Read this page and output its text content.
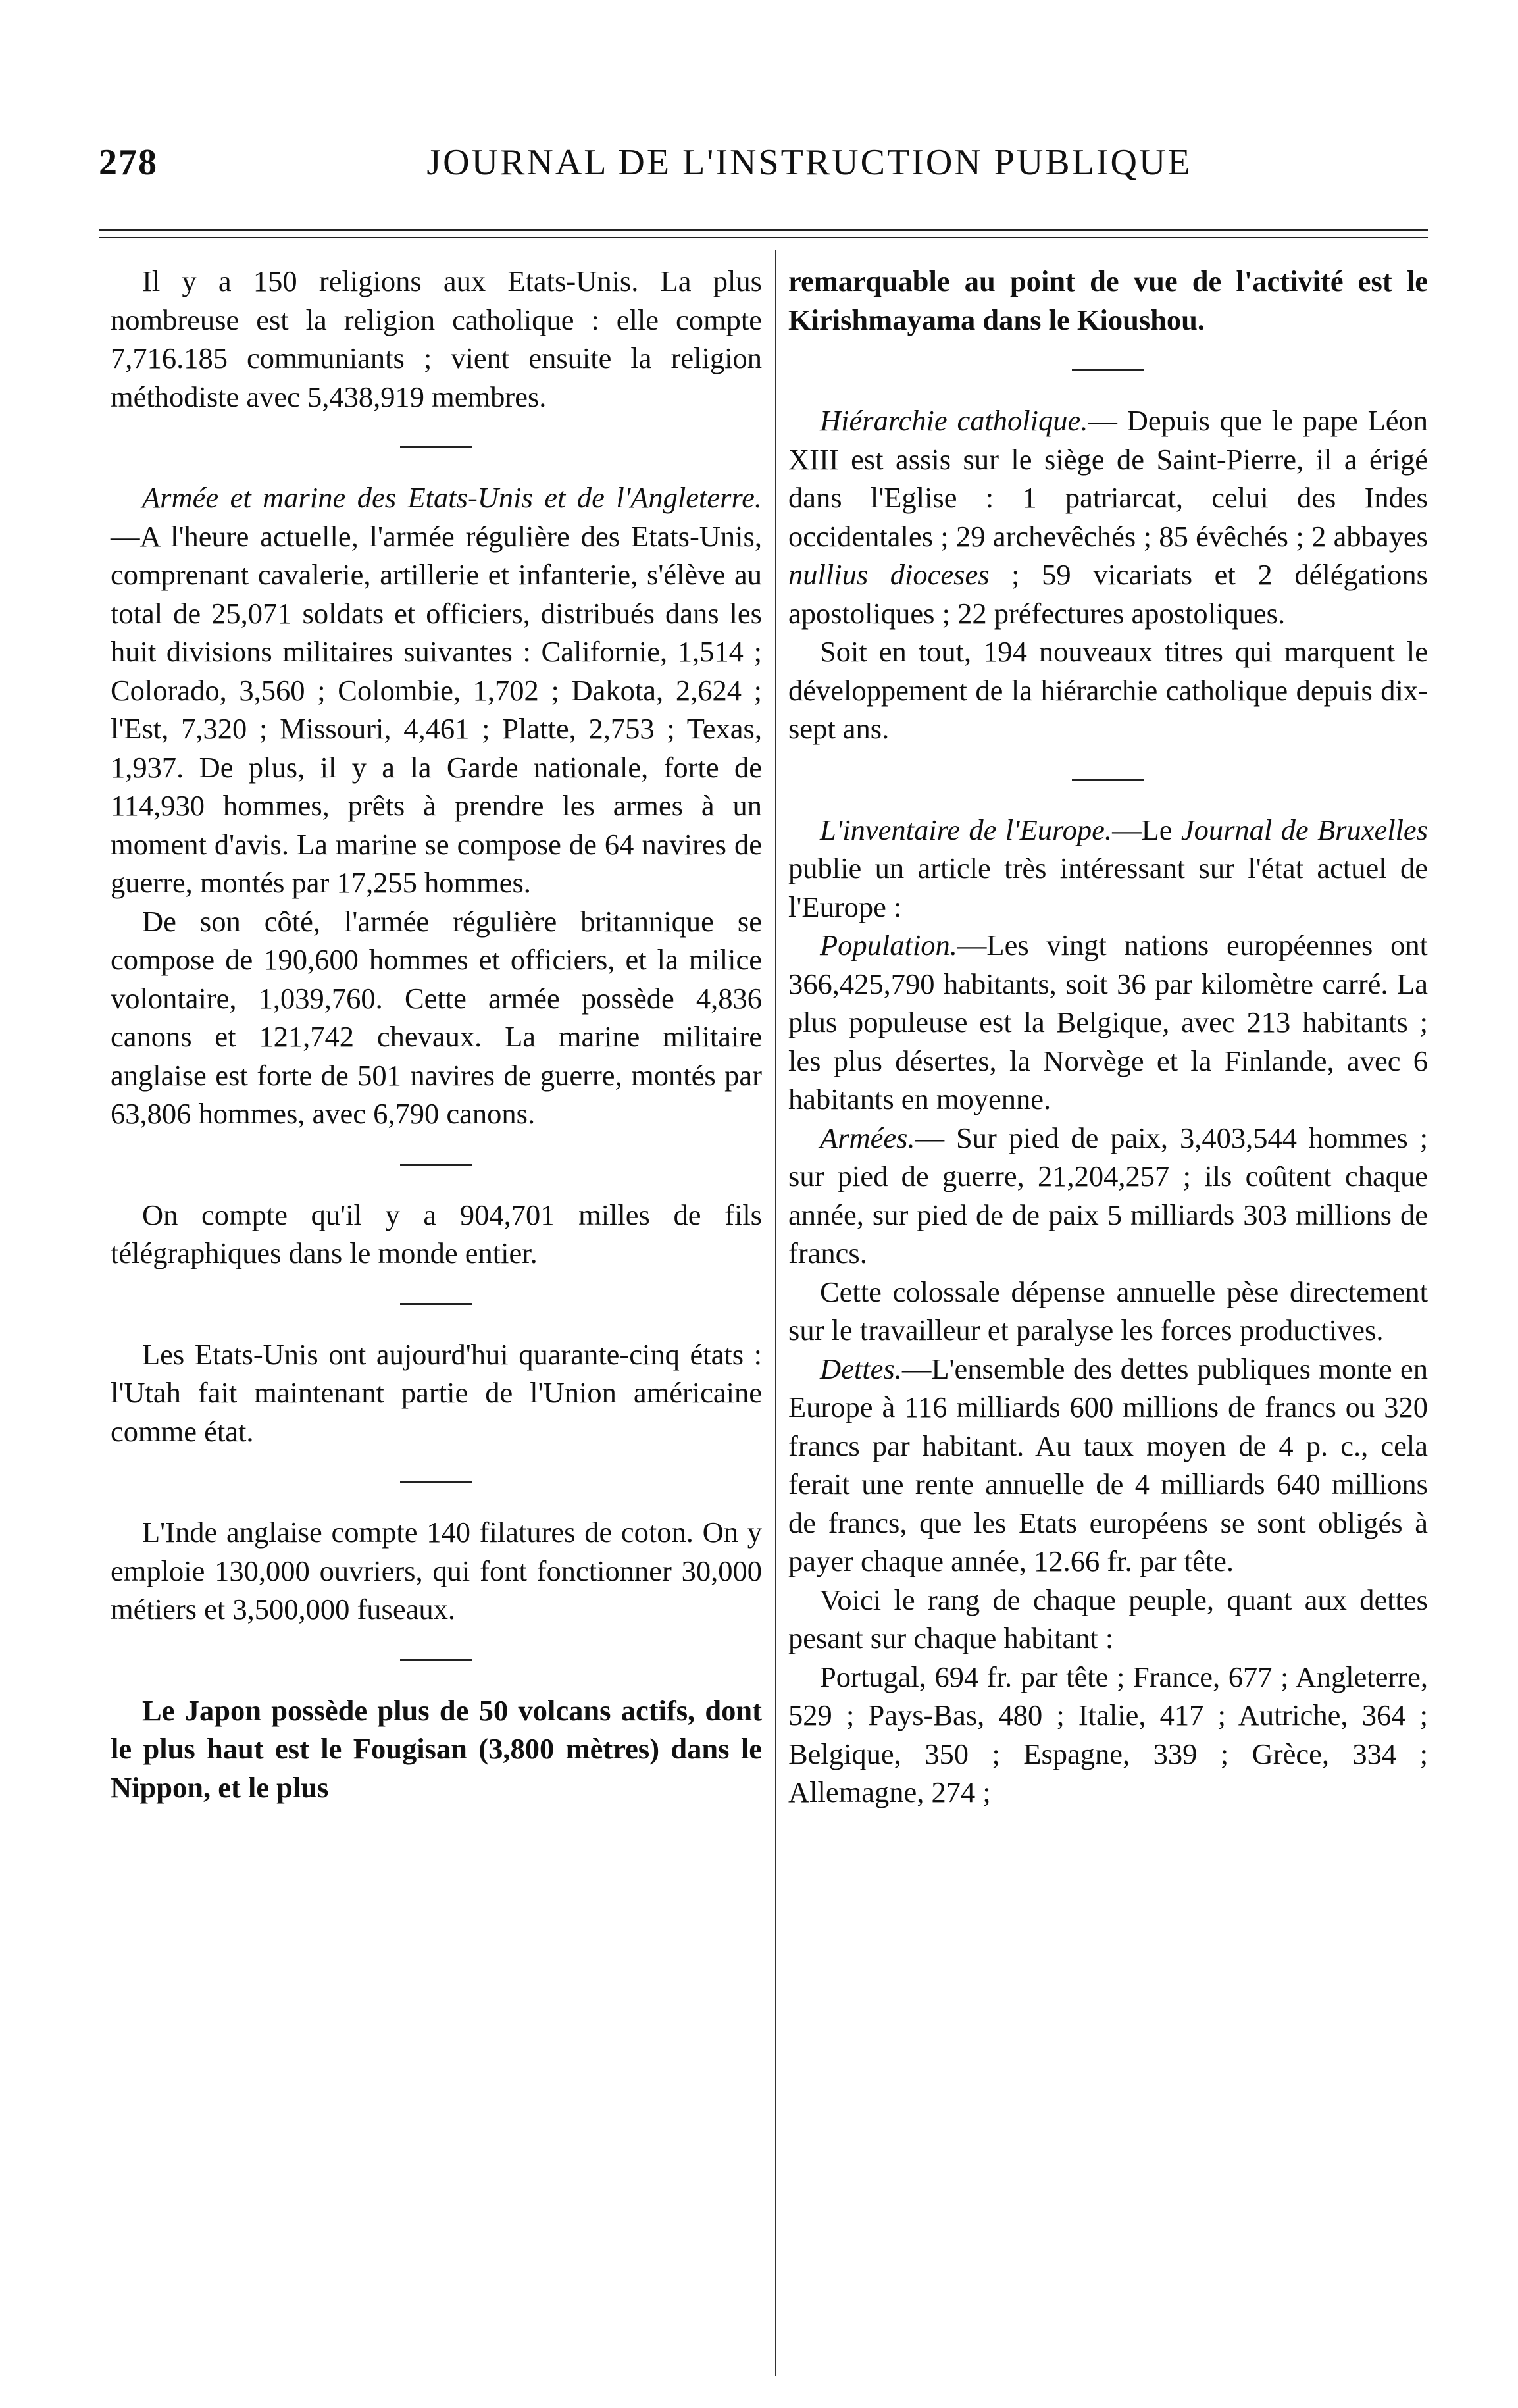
278	JOURNAL DE L'INSTRUCTION PUBLIQUE

Il y a 150 religions aux Etats-Unis. La plus nombreuse est la religion catholique : elle compte 7,716.185 communiants ; vient ensuite la religion méthodiste avec 5,438,919 membres.

Armée et marine des Etats-Unis et de l'Angleterre.—A l'heure actuelle, l'armée régulière des Etats-Unis, comprenant cavalerie, artillerie et infanterie, s'élève au total de 25,071 soldats et officiers, distribués dans les huit divisions militaires suivantes : Californie, 1,514 ; Colorado, 3,560 ; Colombie, 1,702 ; Dakota, 2,624 ; l'Est, 7,320 ; Missouri, 4,461 ; Platte, 2,753 ; Texas, 1,937. De plus, il y a la Garde nationale, forte de 114,930 hommes, prêts à prendre les armes à un moment d'avis. La marine se compose de 64 navires de guerre, montés par 17,255 hommes.

De son côté, l'armée régulière britannique se compose de 190,600 hommes et officiers, et la milice volontaire, 1,039,760. Cette armée possède 4,836 canons et 121,742 chevaux. La marine militaire anglaise est forte de 501 navires de guerre, montés par 63,806 hommes, avec 6,790 canons.

On compte qu'il y a 904,701 milles de fils télégraphiques dans le monde entier.

Les Etats-Unis ont aujourd'hui quarante-cinq états : l'Utah fait maintenant partie de l'Union américaine comme état.

L'Inde anglaise compte 140 filatures de coton. On y emploie 130,000 ouvriers, qui font fonctionner 30,000 métiers et 3,500,000 fuseaux.

Le Japon possède plus de 50 volcans actifs, dont le plus haut est le Fougisan (3,800 mètres) dans le Nippon, et le plus

remarquable au point de vue de l'activité est le Kirishmayama dans le Kioushou.

Hiérarchie catholique.— Depuis que le pape Léon XIII est assis sur le siège de Saint-Pierre, il a érigé dans l'Eglise : 1 patriarcat, celui des Indes occidentales ; 29 archevêchés ; 85 évêchés ; 2 abbayes nullius dioceses ; 59 vicariats et 2 délégations apostoliques ; 22 préfectures apostoliques.

Soit en tout, 194 nouveaux titres qui marquent le développement de la hiérarchie catholique depuis dix-sept ans.

L'inventaire de l'Europe.—Le Journal de Bruxelles publie un article très intéressant sur l'état actuel de l'Europe :

Population.—Les vingt nations européennes ont 366,425,790 habitants, soit 36 par kilomètre carré. La plus populeuse est la Belgique, avec 213 habitants ; les plus désertes, la Norvège et la Finlande, avec 6 habitants en moyenne.

Armées.— Sur pied de paix, 3,403,544 hommes ; sur pied de guerre, 21,204,257 ; ils coûtent chaque année, sur pied de de paix 5 milliards 303 millions de francs.

Cette colossale dépense annuelle pèse directement sur le travailleur et paralyse les forces productives.

Dettes.—L'ensemble des dettes publiques monte en Europe à 116 milliards 600 millions de francs ou 320 francs par habitant. Au taux moyen de 4 p. c., cela ferait une rente annuelle de 4 milliards 640 millions de francs, que les Etats européens se sont obligés à payer chaque année, 12.66 fr. par tête.

Voici le rang de chaque peuple, quant aux dettes pesant sur chaque habitant :

Portugal, 694 fr. par tête ; France, 677 ; Angleterre, 529 ; Pays-Bas, 480 ; Italie, 417 ; Autriche, 364 ; Belgique, 350 ; Espagne, 339 ; Grèce, 334 ; Allemagne, 274 ;
